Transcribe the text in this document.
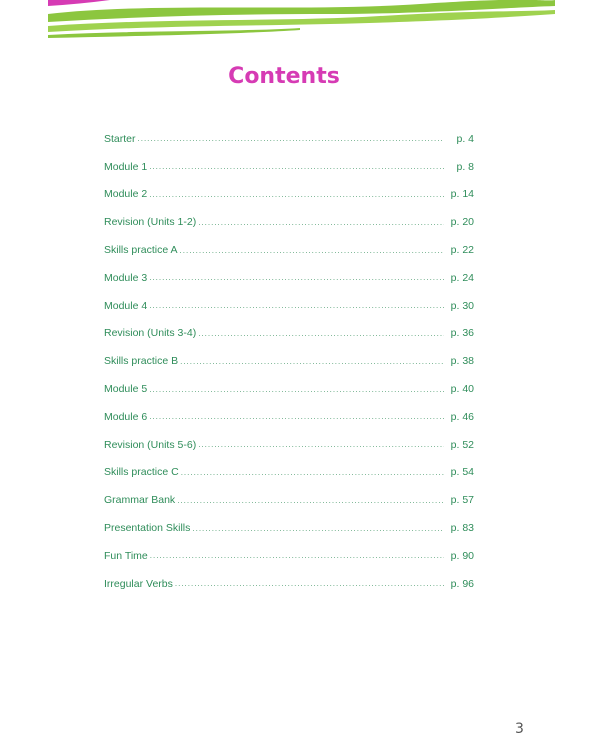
Contents
Starter .....	p. 4
Module 1 .....	p. 8
Module 2 .....	p. 14
Revision (Units 1-2) .....	p. 20
Skills practice A .....	p. 22
Module 3 .....	p. 24
Module 4 .....	p. 30
Revision (Units 3-4) .....	p. 36
Skills practice B .....	p. 38
Module 5 .....	p. 40
Module 6 .....	p. 46
Revision (Units 5-6) .....	p. 52
Skills practice C .....	p. 54
Grammar Bank .....	p. 57
Presentation Skills .....	p. 83
Fun Time .....	p. 90
Irregular Verbs .....	p. 96
3
